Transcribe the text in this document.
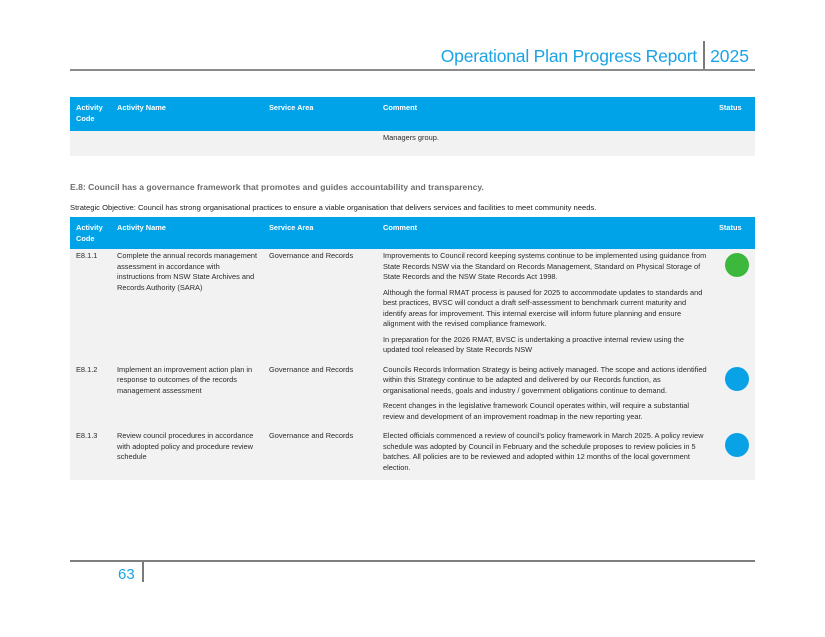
Operational Plan Progress Report 2025
Activity Code	Activity Name	Service Area	Comment	Status
			Managers group.	
E.8: Council has a governance framework that promotes and guides accountability and transparency.
Strategic Objective: Council has strong organisational practices to ensure a viable organisation that delivers services and facilities to meet community needs.
Activity Code	Activity Name	Service Area	Comment	Status
E8.1.1	Complete the annual records management assessment in accordance with instructions from NSW State Archives and Records Authority (SARA)	Governance and Records	Improvements to Council record keeping systems continue to be implemented using guidance from State Records NSW via the Standard on Records Management, Standard on Physical Storage of State Records and the NSW State Records Act 1998.

Although the formal RMAT process is paused for 2025 to accommodate updates to standards and best practices, BVSC will conduct a draft self-assessment to benchmark current maturity and identify areas for improvement. This internal exercise will inform future planning and ensure alignment with the revised compliance framework.

In preparation for the 2026 RMAT, BVSC is undertaking a proactive internal review using the updated tool released by State Records NSW	

E8.1.2	Implement an improvement action plan in response to outcomes of the records management assessment	Governance and Records	Councils Records Information Strategy is being actively managed. The scope and actions identified within this Strategy continue to be adapted and delivered by our Records function, as organisational needs, goals and industry / government obligations continue to demand.

Recent changes in the legislative framework Council operates within, will require a substantial review and development of an improvement roadmap in the new reporting year.	

E8.1.3	Review council procedures in accordance with adopted policy and procedure review schedule	Governance and Records	Elected officials commenced a review of council's policy framework in March 2025. A policy review schedule was adopted by Council in February and the schedule proposes to review policies in 5 batches. All policies are to be reviewed and adopted within 12 months of the local government election.	

63
